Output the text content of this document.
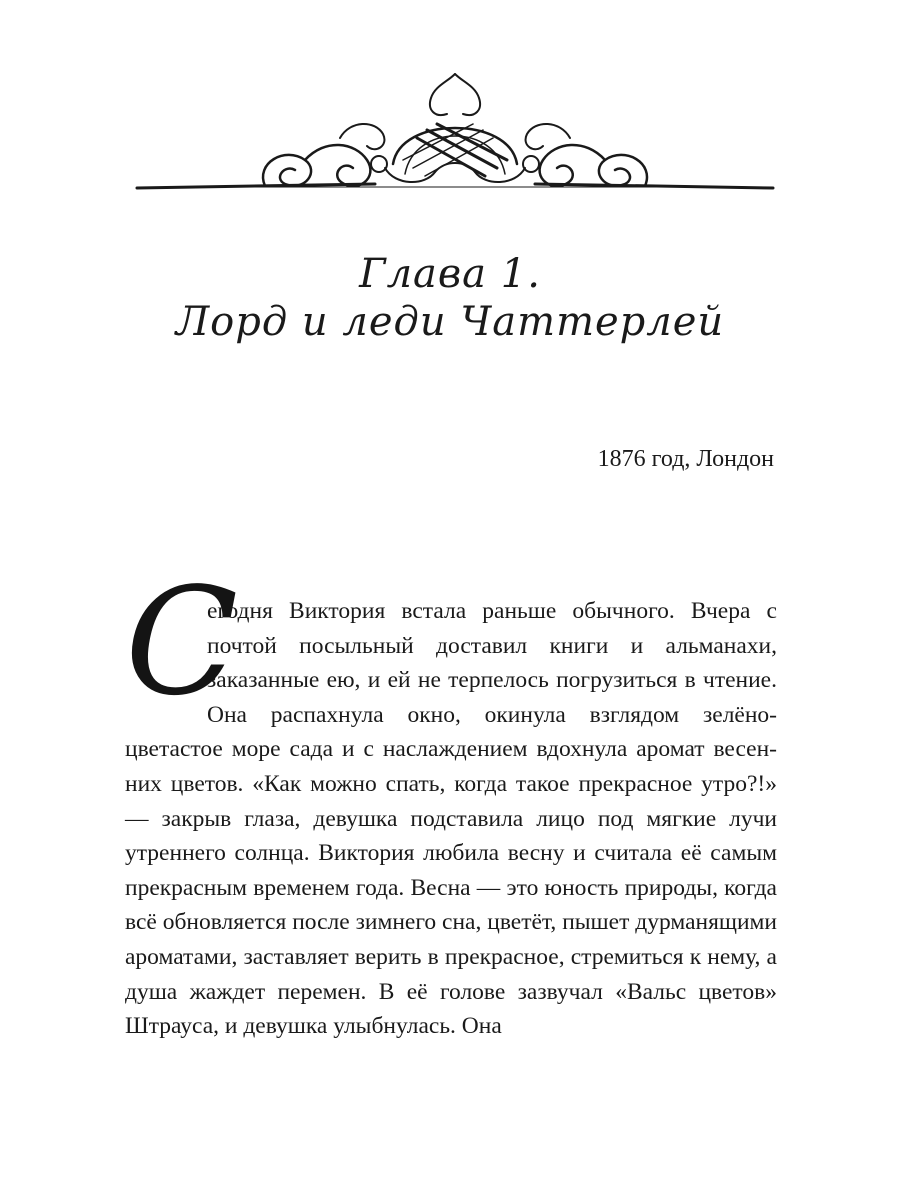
Глава 1.
Лорд и леди Чаттерлей
1876 год, Лондон
С
егодня Виктория встала раньше обычного. Вчера с почтой посыльный доставил книги и альманахи, заказанные ею, и ей не терпелось погрузиться в чтение. Она распахнула окно, окинула взглядом зелёно-цветастое море сада и с наслаждением вдохнула аромат весенних цветов. «Как можно спать, когда такое прекрасное утро?!» — закрыв глаза, девушка подставила лицо под мягкие лучи утреннего солнца. Виктория любила весну и считала её самым прекрасным временем года. Весна — это юность природы, когда всё обновляется после зимнего сна, цветёт, пышет дурманящими ароматами, заставляет верить в прекрасное, стремиться к нему, а душа жаждет перемен. В её голове зазвучал «Вальс цветов» Штрауса, и девушка улыбнулась. Она
